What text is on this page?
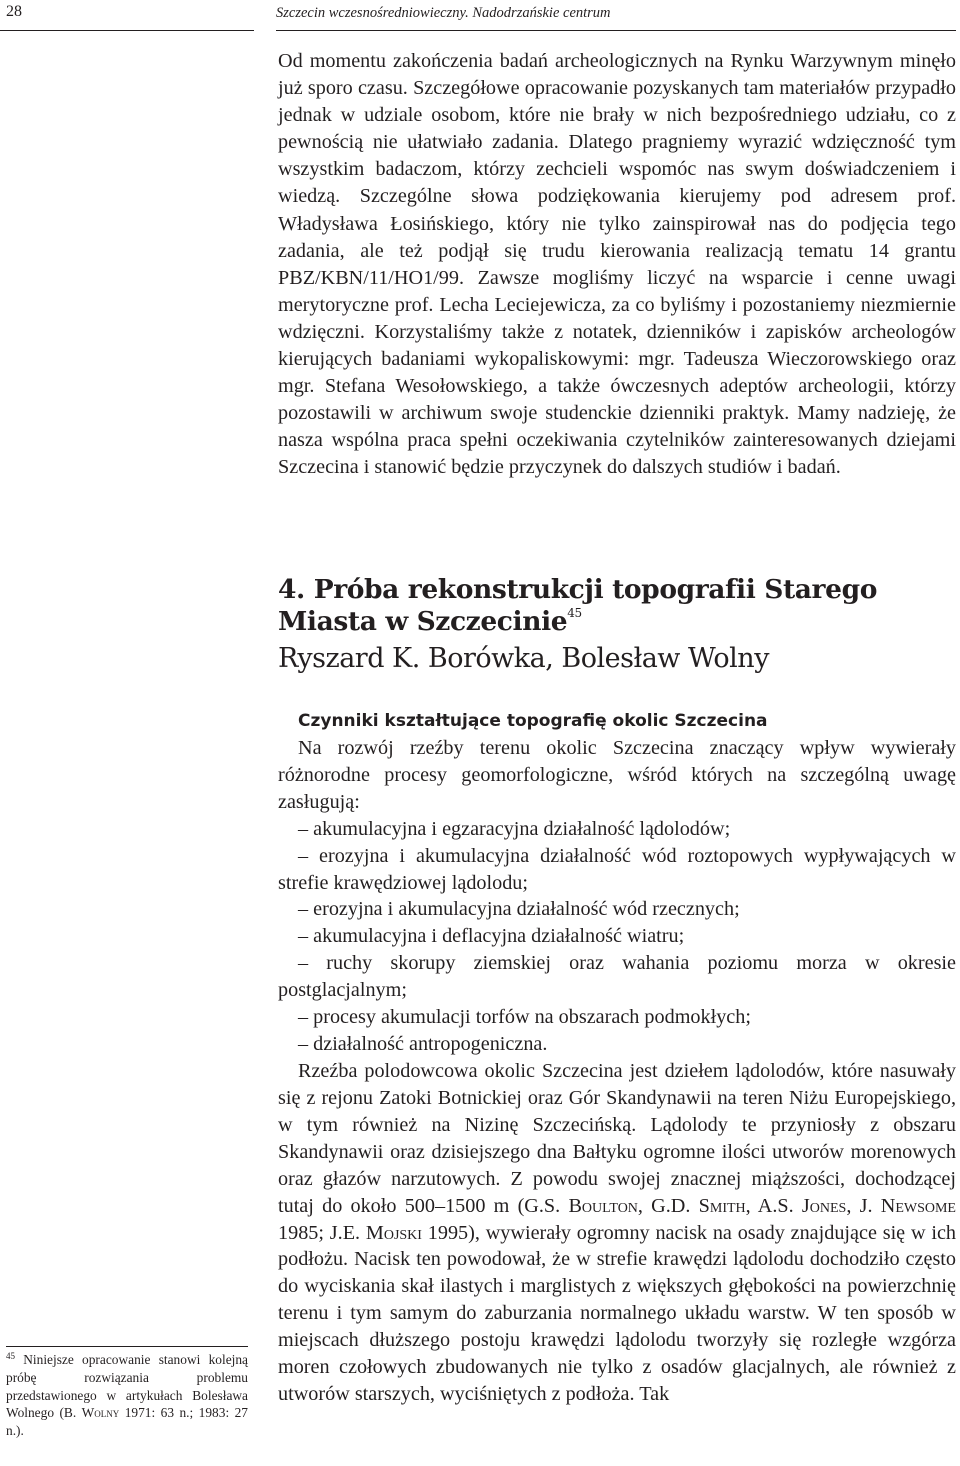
28	Szczecin wczesnośredniowieczny. Nadodrzańskie centrum

Od momentu zakończenia badań archeologicznych na Rynku Warzywnym minęło już sporo czasu. Szczegółowe opracowanie pozyskanych tam materiałów przypadło jednak w udziale osobom, które nie brały w nich bezpośredniego udziału, co z pewnością nie ułatwiało zadania. Dlatego pragniemy wyrazić wdzięczność tym wszystkim badaczom, którzy zechcieli wspomóc nas swym doświadczeniem i wiedzą. Szczególne słowa podziękowania kierujemy pod adresem prof. Władysława Łosińskiego, który nie tylko zainspirował nas do podjęcia tego zadania, ale też podjął się trudu kierowania realizacją tematu 14 grantu PBZ/KBN/11/HO1/99. Zawsze mogliśmy liczyć na wsparcie i cenne uwagi merytoryczne prof. Lecha Leciejewicza, za co byliśmy i pozostaniemy niezmiernie wdzięczni. Korzystaliśmy także z notatek, dzienników i zapisków archeologów kierujących badaniami wykopaliskowymi: mgr. Tadeusza Wieczorowskiego oraz mgr. Stefana Wesołowskiego, a także ówczesnych adeptów archeologii, którzy pozostawili w archiwum swoje studenckie dzienniki praktyk. Mamy nadzieję, że nasza wspólna praca spełni oczekiwania czytelników zainteresowanych dziejami Szczecina i stanowić będzie przyczynek do dalszych studiów i badań.

4. Próba rekonstrukcji topografii Starego Miasta w Szczecinie$^{45}$
Ryszard K. Borówka, Bolesław Wolny
Czynniki kształtujące topografię okolic Szczecina

Na rozwój rzeźby terenu okolic Szczecina znaczący wpływ wywierały różnorodne procesy geomorfologiczne, wśród których na szczególną uwagę zasługują:

– akumulacyjna i egzaracyjna działalność lądolodów;

– erozyjna i akumulacyjna działalność wód roztopowych wypływających w strefie krawędziowej lądolodu;

– erozyjna i akumulacyjna działalność wód rzecznych;

– akumulacyjna i deflacyjna działalność wiatru;

– ruchy skorupy ziemskiej oraz wahania poziomu morza w okresie postglacjalnym;

– procesy akumulacji torfów na obszarach podmokłych;

– działalność antropogeniczna.

Rzeźba polodowcowa okolic Szczecina jest dziełem lądolodów, które nasuwały się z rejonu Zatoki Botnickiej oraz Gór Skandynawii na teren Niżu Europejskiego, w tym również na Nizinę Szczecińską. Lądolody te przyniosły z obszaru Skandynawii oraz dzisiejszego dna Bałtyku ogromne ilości utworów morenowych oraz głazów narzutowych. Z powodu swojej znacznej miąższości, dochodzącej tutaj do około 500–1500 m (G.S. Boulton, G.D. Smith, A.S. Jones, J. Newsome 1985; J.E. Mojski 1995), wywierały ogromny nacisk na osady znajdujące się w ich podłożu. Nacisk ten powodował, że w strefie krawędzi lądolodu dochodziło często do wyciskania skał ilastych i marglistych z większych głębokości na powierzchnię terenu i tym samym do zaburzania normalnego układu warstw. W ten sposób w miejscach dłuższego postoju krawędzi lądolodu tworzyły się rozległe wzgórza moren czołowych zbudowanych nie tylko z osadów glacjalnych, ale również z utworów starszych, wyciśniętych z podłoża. Tak

$^{45}$ Niniejsze opracowanie stanowi kolejną próbę rozwiązania problemu przedstawionego w artykułach Bolesława Wolnego (B. Wolny 1971: 63 n.; 1983: 27 n.).
